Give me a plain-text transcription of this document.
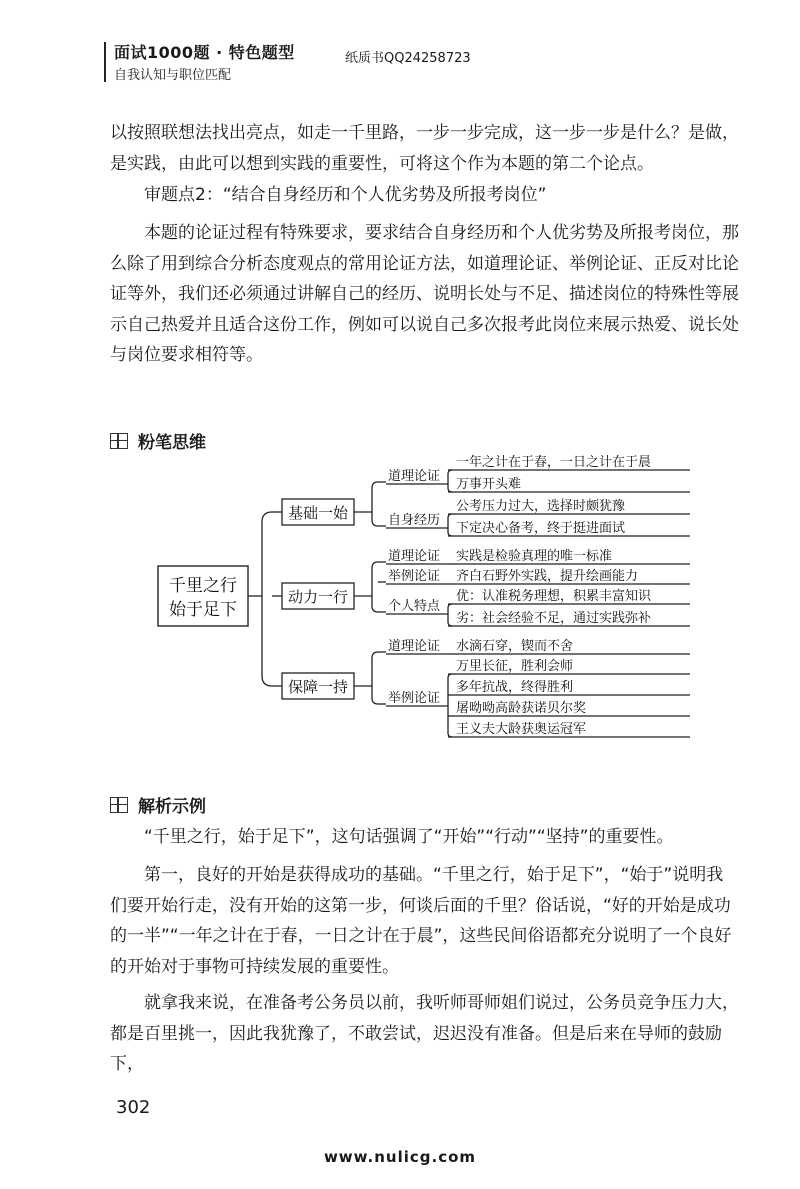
面试1000题 · 特色题型
自我认知与职位匹配
纸质书QQ24258723
以按照联想法找出亮点，如走一千里路，一步一步完成，这一步一步是什么？是做，是实践，由此可以想到实践的重要性，可将这个作为本题的第二个论点。
审题点2：“结合自身经历和个人优劣势及所报考岗位”
本题的论证过程有特殊要求，要求结合自身经历和个人优劣势及所报考岗位，那么除了用到综合分析态度观点的常用论证方法，如道理论证、举例论证、正反对比论证等外，我们还必须通过讲解自己的经历、说明长处与不足、描述岗位的特殊性等展示自己热爱并且适合这份工作，例如可以说自己多次报考此岗位来展示热爱、说长处与岗位要求相符等。
粉笔思维
千里之行
始于足下
基础一始
道理论证
一年之计在于春，一日之计在于晨
万事开头难
自身经历
公考压力过大，选择时颇犹豫
下定决心备考，终于挺进面试
动力一行
道理论证 实践是检验真理的唯一标准
举例论证 齐白石野外实践，提升绘画能力
个人特点
优：认准税务理想，积累丰富知识
劣：社会经验不足，通过实践弥补
保障一持
道理论证 水滴石穿，锲而不舍
举例论证
万里长征，胜利会师
多年抗战，终得胜利
屠呦呦高龄获诺贝尔奖
王义夫大龄获奥运冠军
解析示例
“千里之行，始于足下”，这句话强调了“开始”“行动”“坚持”的重要性。
第一，良好的开始是获得成功的基础。“千里之行，始于足下”，“始于”说明我们要开始行走，没有开始的这第一步，何谈后面的千里？俗话说，“好的开始是成功的一半”“一年之计在于春，一日之计在于晨”，这些民间俗语都充分说明了一个良好的开始对于事物可持续发展的重要性。
就拿我来说，在准备考公务员以前，我听师哥师姐们说过，公务员竞争压力大，都是百里挑一，因此我犹豫了，不敢尝试，迟迟没有准备。但是后来在导师的鼓励下，
302
www.nulicg.com
